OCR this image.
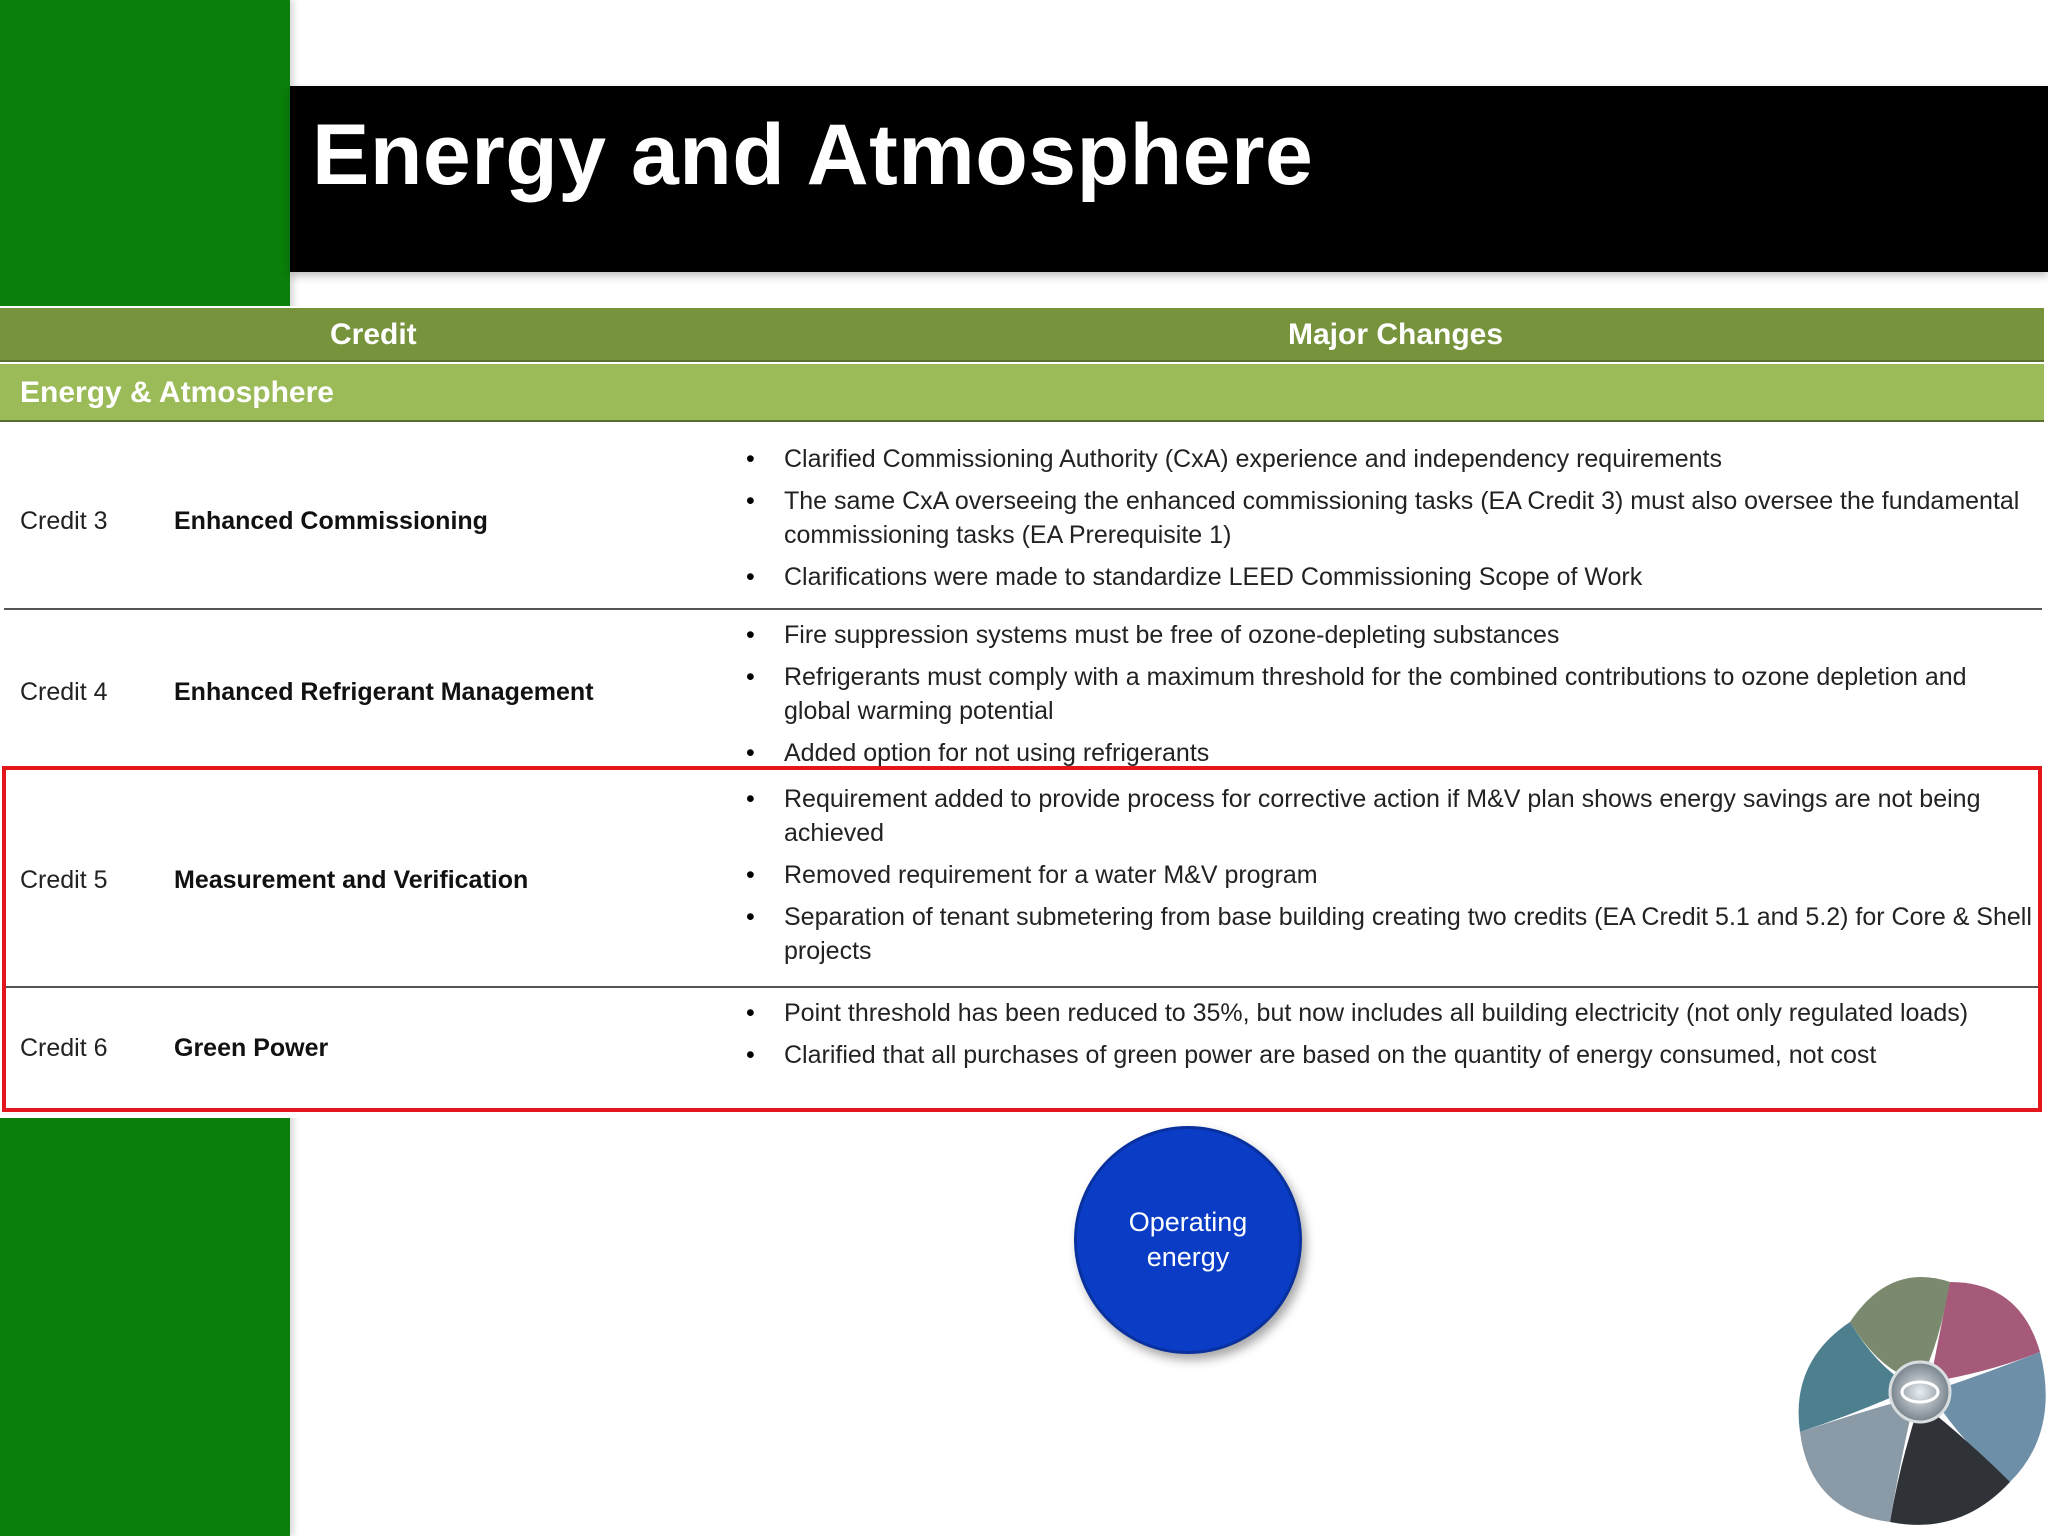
Energy and Atmosphere
Credit	Major Changes
Energy & Atmosphere
Credit 3	Enhanced Commissioning
• Clarified Commissioning Authority (CxA) experience and independency requirements
• The same CxA overseeing the enhanced commissioning tasks (EA Credit 3) must also oversee the fundamental commissioning tasks (EA Prerequisite 1)
• Clarifications were made to standardize LEED Commissioning Scope of Work
Credit 4	Enhanced Refrigerant Management
• Fire suppression systems must be free of ozone-depleting substances
• Refrigerants must comply with a maximum threshold for the combined contributions to ozone depletion and global warming potential
• Added option for not using refrigerants
Credit 5	Measurement and Verification
• Requirement added to provide process for corrective action if M&V plan shows energy savings are not being achieved
• Removed requirement for a water M&V program
• Separation of tenant submetering from base building creating two credits (EA Credit 5.1 and 5.2) for Core & Shell projects
Credit 6	Green Power
• Point threshold has been reduced to 35%, but now includes all building electricity (not only regulated loads)
• Clarified that all purchases of green power are based on the quantity of energy consumed, not cost
Operating energy
